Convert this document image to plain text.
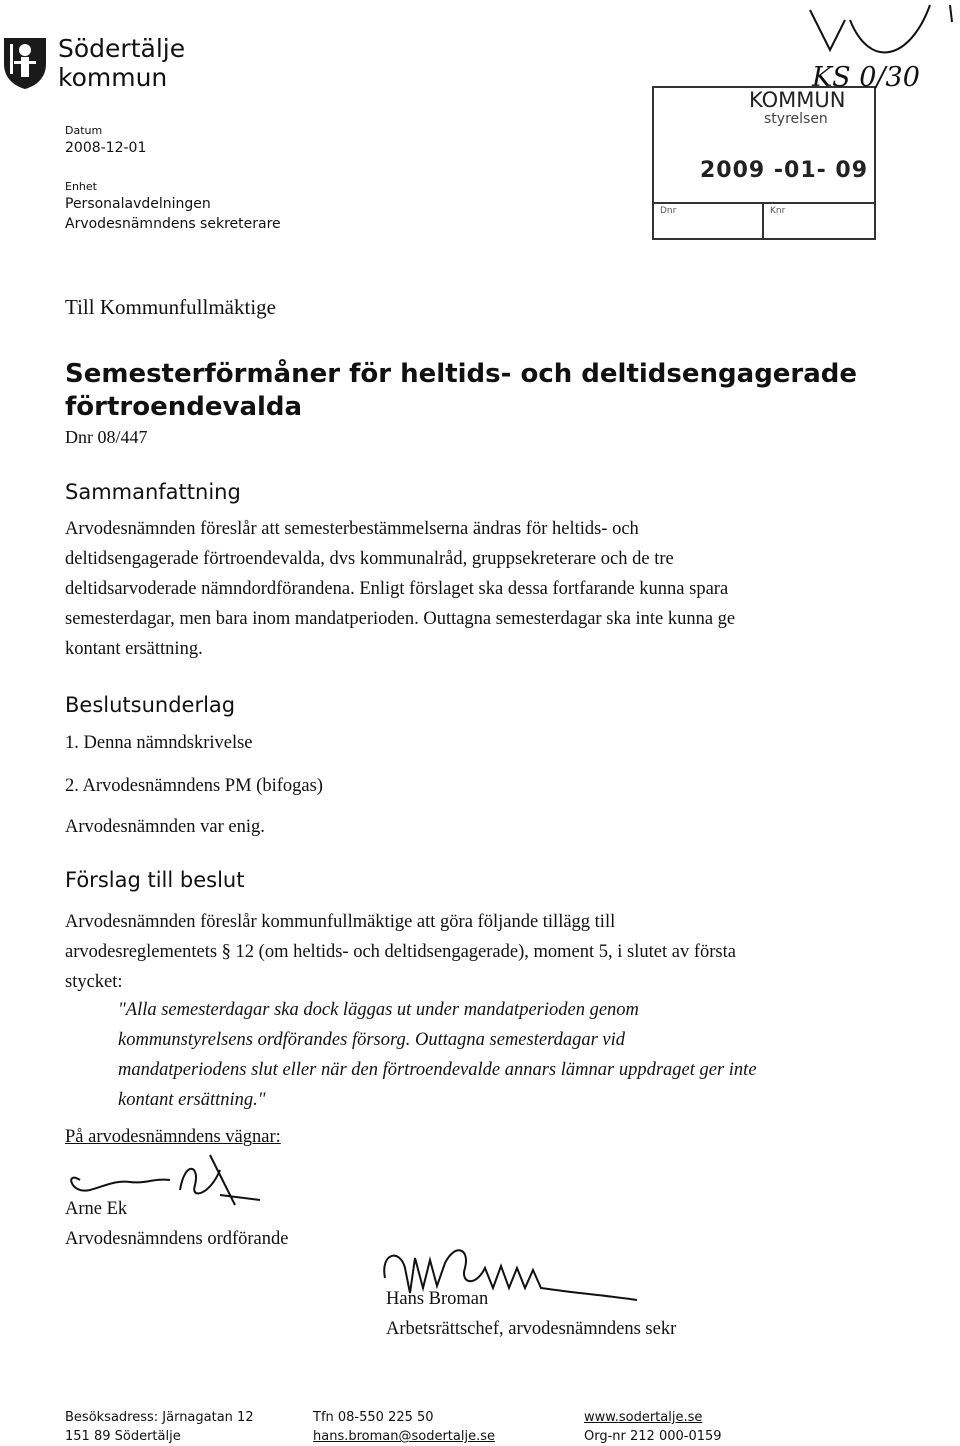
Södertälje
kommun
Datum
2008-12-01
Enhet
Personalavdelningen
Arvodesnämndens sekreterare
KOMMUN
styrelsen
2009 -01- 09
Dnr	Knr
KS 0/30
Till Kommunfullmäktige
Semesterförmåner för heltids- och deltidsengagerade förtroendevalda
Dnr 08/447
Sammanfattning
Arvodesnämnden föreslår att semesterbestämmelserna ändras för heltids- och deltidsengagerade förtroendevalda, dvs kommunalråd, gruppsekreterare och de tre deltidsarvoderade nämndordförandena. Enligt förslaget ska dessa fortfarande kunna spara semesterdagar, men bara inom mandatperioden. Outtagna semesterdagar ska inte kunna ge kontant ersättning.
Beslutsunderlag
1. Denna nämndskrivelse
2. Arvodesnämndens PM (bifogas)
Arvodesnämnden var enig.
Förslag till beslut
Arvodesnämnden föreslår kommunfullmäktige att göra följande tillägg till arvodesreglementets § 12 (om heltids- och deltidsengagerade), moment 5, i slutet av första stycket:
"Alla semesterdagar ska dock läggas ut under mandatperioden genom kommunstyrelsens ordförandes försorg. Outtagna semesterdagar vid mandatperiodens slut eller när den förtroendevalde annars lämnar uppdraget ger inte kontant ersättning."
På arvodesnämndens vägnar:
Arne Ek
Arvodesnämndens ordförande
Hans Broman
Arbetsrättschef, arvodesnämndens sekr
Besöksadress: Järnagatan 12
151 89 Södertälje
Tfn 08-550 225 50
hans.broman@sodertalje.se
www.sodertalje.se
Org-nr 212 000-0159
